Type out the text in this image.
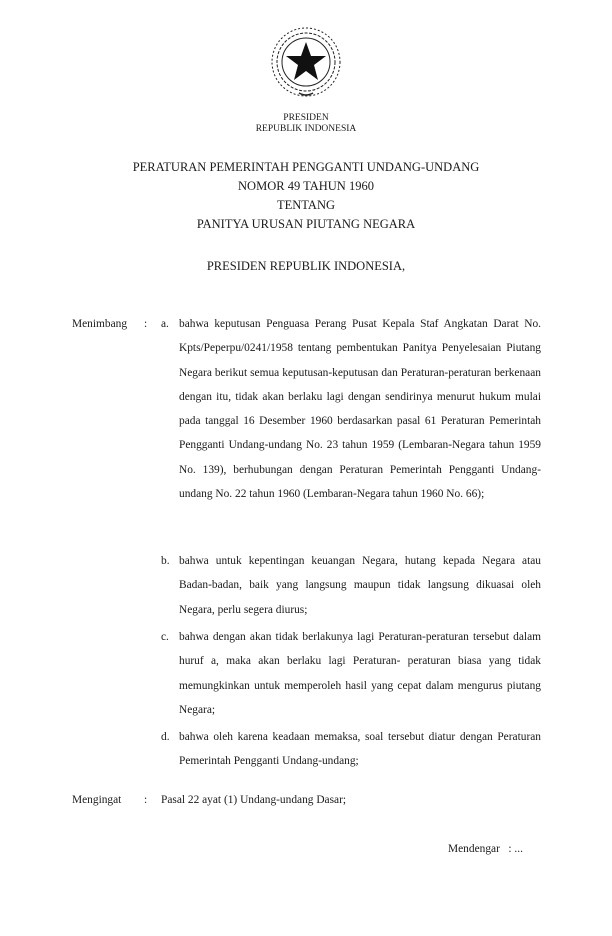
PRESIDEN
REPUBLIK INDONESIA
PERATURAN PEMERINTAH PENGGANTI UNDANG-UNDANG
NOMOR 49 TAHUN 1960
TENTANG
PANITYA URUSAN PIUTANG NEGARA
PRESIDEN REPUBLIK INDONESIA,
Menimbang : a. bahwa keputusan Penguasa Perang Pusat Kepala Staf Angkatan Darat No. Kpts/Peperpu/0241/1958 tentang pembentukan Panitya Penyelesaian Piutang Negara berikut semua keputusan-keputusan dan Peraturan-peraturan berkenaan dengan itu, tidak akan berlaku lagi dengan sendirinya menurut hukum mulai pada tanggal 16 Desember 1960 berdasarkan pasal 61 Peraturan Pemerintah Pengganti Undang-undang No. 23 tahun 1959 (Lembaran-Negara tahun 1959 No. 139), berhubungan dengan Peraturan Pemerintah Pengganti Undang-undang No. 22 tahun 1960 (Lembaran-Negara tahun 1960 No. 66);
b. bahwa untuk kepentingan keuangan Negara, hutang kepada Negara atau Badan-badan, baik yang langsung maupun tidak langsung dikuasai oleh Negara, perlu segera diurus;
c. bahwa dengan akan tidak berlakunya lagi Peraturan-peraturan tersebut dalam huruf a, maka akan berlaku lagi Peraturan- peraturan biasa yang tidak memungkinkan untuk memperoleh hasil yang cepat dalam mengurus piutang Negara;
d. bahwa oleh karena keadaan memaksa, soal tersebut diatur dengan Peraturan Pemerintah Pengganti Undang-undang;
Mengingat : Pasal 22 ayat (1) Undang-undang Dasar;
Mendengar   : ...
